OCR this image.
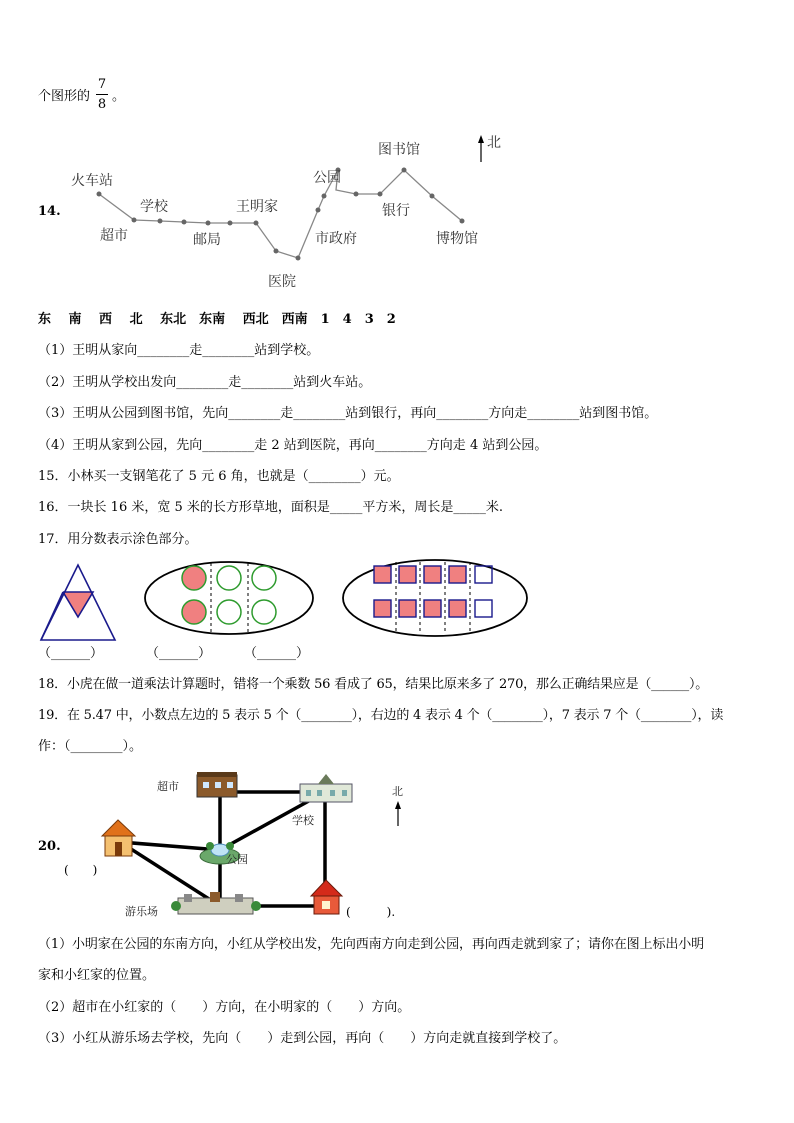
个图形的
7
8
。
14.
火车站
超市
学校
邮局
王明家
医院
市政府
公园
银行
图书馆
博物馆
北
东　 南　 西　 北　 东北　东南　 西北　西南　1　4　3　2
（1）王明从家向________走________站到学校。
（2）王明从学校出发向________走________站到火车站。
（3）王明从公园到图书馆，先向________走________站到银行，再向________方向走________站到图书馆。
（4）王明从家到公园，先向________走 2 站到医院，再向________方向走 4 站到公园。
15．小林买一支钢笔花了 5 元 6 角，也就是（________）元。
16．一块长 16 米，宽 5 米的长方形草地，面积是_____平方米，周长是_____米.
17．用分数表示涂色部分。
（______）	（______）	（______）
18．小虎在做一道乘法计算题时，错将一个乘数 56 看成了 65，结果比原来多了 270，那么正确结果应是（______）。
19．在 5.47 中，小数点左边的 5 表示 5 个（________），右边的 4 表示 4 个（________），7 表示 7 个（________），读
作：（________）。
20.
超市
学校
公园
游乐场
北
(　　)
(　　　).
（1）小明家在公园的东南方向，小红从学校出发，先向西南方向走到公园，再向西走就到家了；请你在图上标出小明
家和小红家的位置。
（2）超市在小红家的（　　）方向，在小明家的（　　）方向。
（3）小红从游乐场去学校，先向（　　）走到公园，再向（　　）方向走就直接到学校了。
